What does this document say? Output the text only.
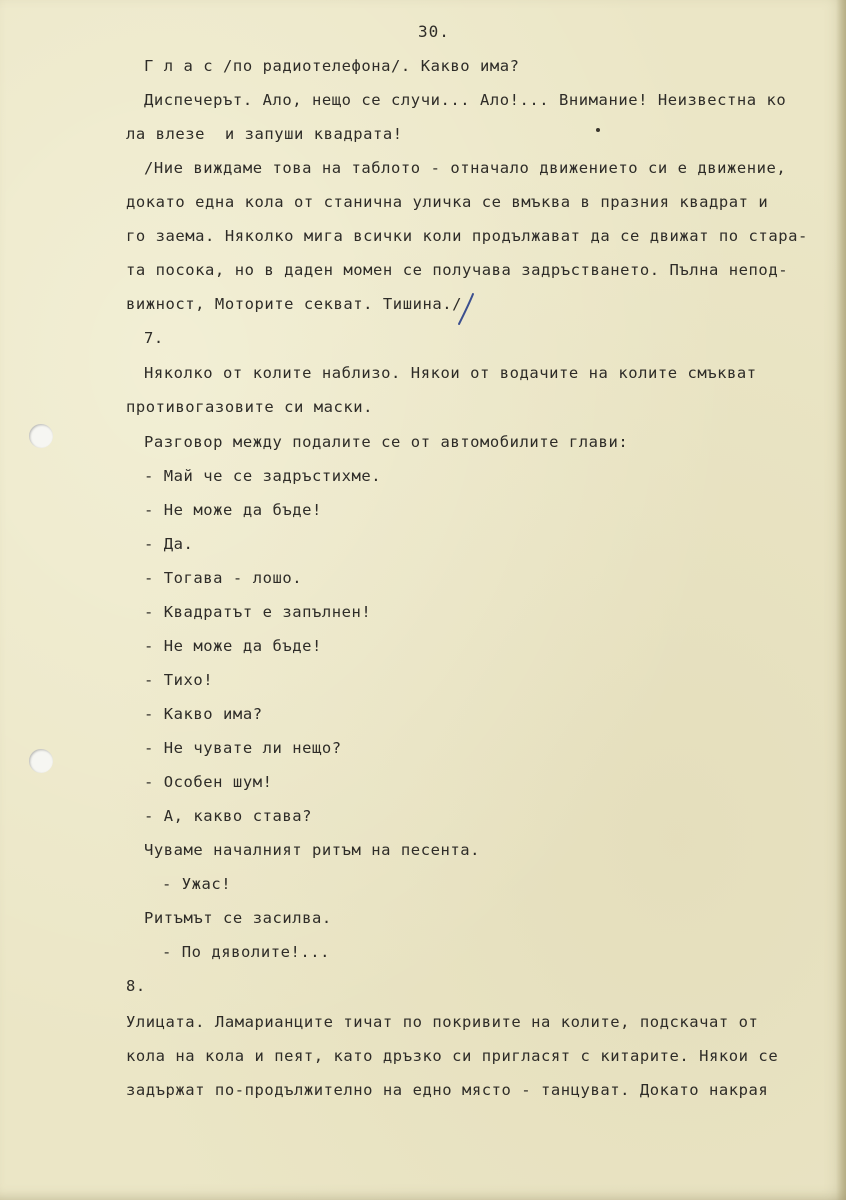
30.
Г л а с /по радиотелефона/. Какво има?
Диспечерът. Ало, нещо се случи... Ало!... Внимание! Неизвестна ко
ла влезе  и запуши квадрата!
/Ние виждаме това на таблото - отначало движението си е движение,
докато една кола от станична уличка се вмъква в празния квадрат и
го заема. Няколко мига всички коли продължават да се движат по стара-
та посока, но в даден момен се получава задръстването. Пълна непод-
вижност, Моторите секват. Тишина./
7.
Няколко от колите наблизо. Някои от водачите на колите смъкват
противогазовите си маски.
Разговор между подалите се от автомобилите глави:
- Май че се задръстихме.
- Не може да бъде!
- Да.
- Тогава - лошо.
- Квадратът е запълнен!
- Не може да бъде!
- Тихо!
- Какво има?
- Не чувате ли нещо?
- Особен шум!
- А, какво става?
Чуваме началният ритъм на песента.
- Ужас!
Ритъмът се засилва.
- По дяволите!...
8.
Улицата. Ламарианците тичат по покривите на колите, подскачат от
кола на кола и пеят, като дръзко си пригласят с китарите. Някои се
задържат по-продължително на едно място - танцуват. Докато накрая
